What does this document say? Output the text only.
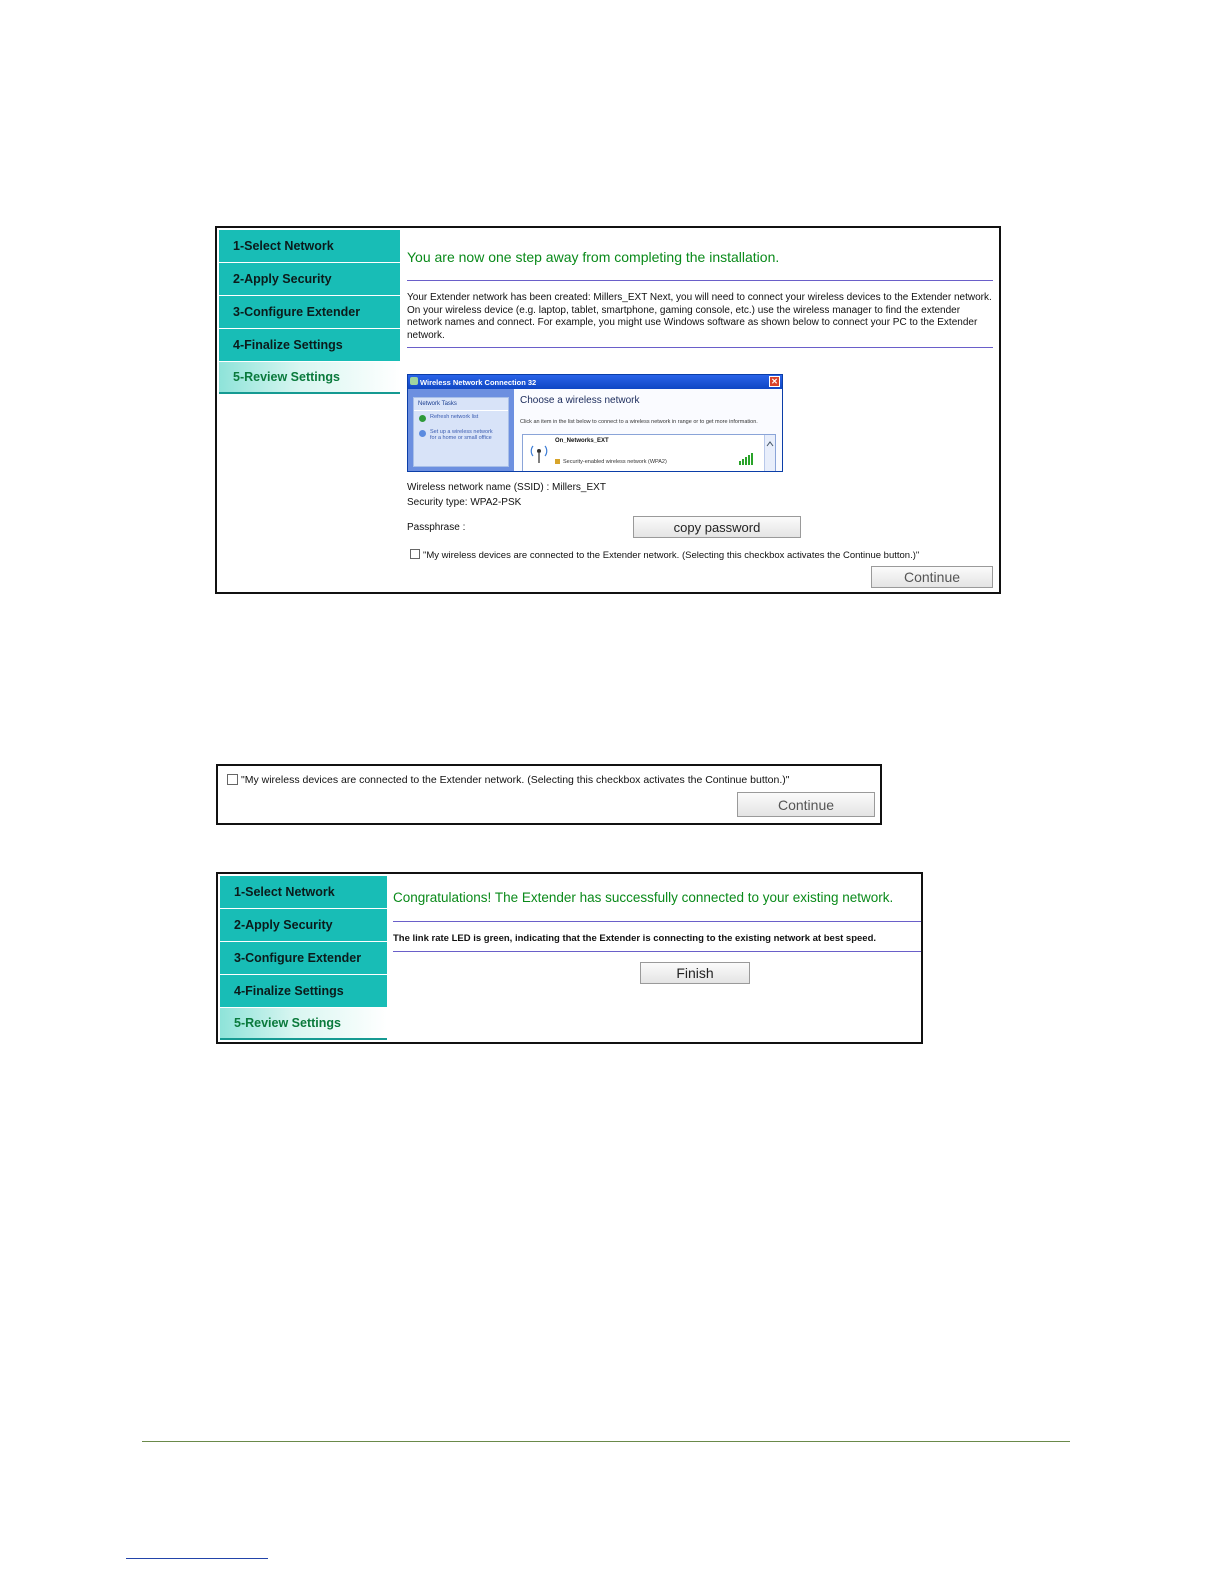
1-Select Network
2-Apply Security
3-Configure Extender
4-Finalize Settings
5-Review Settings
You are now one step away from completing the installation.
Your Extender network has been created: Millers_EXT Next, you will need to connect your wireless devices to the Extender network.
On your wireless device (e.g. laptop, tablet, smartphone, gaming console, etc.) use the wireless manager to find the extender
network names and connect. For example, you might use Windows software as shown below to connect your PC to the Extender
network.
Wireless Network Connection 32	✕
Network Tasks
Refresh network list
Set up a wireless network
for a home or small office
Choose a wireless network
Click an item in the list below to connect to a wireless network in range or to get more information.
On_Networks_EXT
Security-enabled wireless network (WPA2)
Wireless network name (SSID) : Millers_EXT
Security type: WPA2-PSK
Passphrase :	copy password
"My wireless devices are connected to the Extender network. (Selecting this checkbox activates the Continue button.)"
Continue
"My wireless devices are connected to the Extender network. (Selecting this checkbox activates the Continue button.)"
Continue
1-Select Network
2-Apply Security
3-Configure Extender
4-Finalize Settings
5-Review Settings
Congratulations! The Extender has successfully connected to your existing network.
The link rate LED is green, indicating that the Extender is connecting to the existing network at best speed.
Finish
